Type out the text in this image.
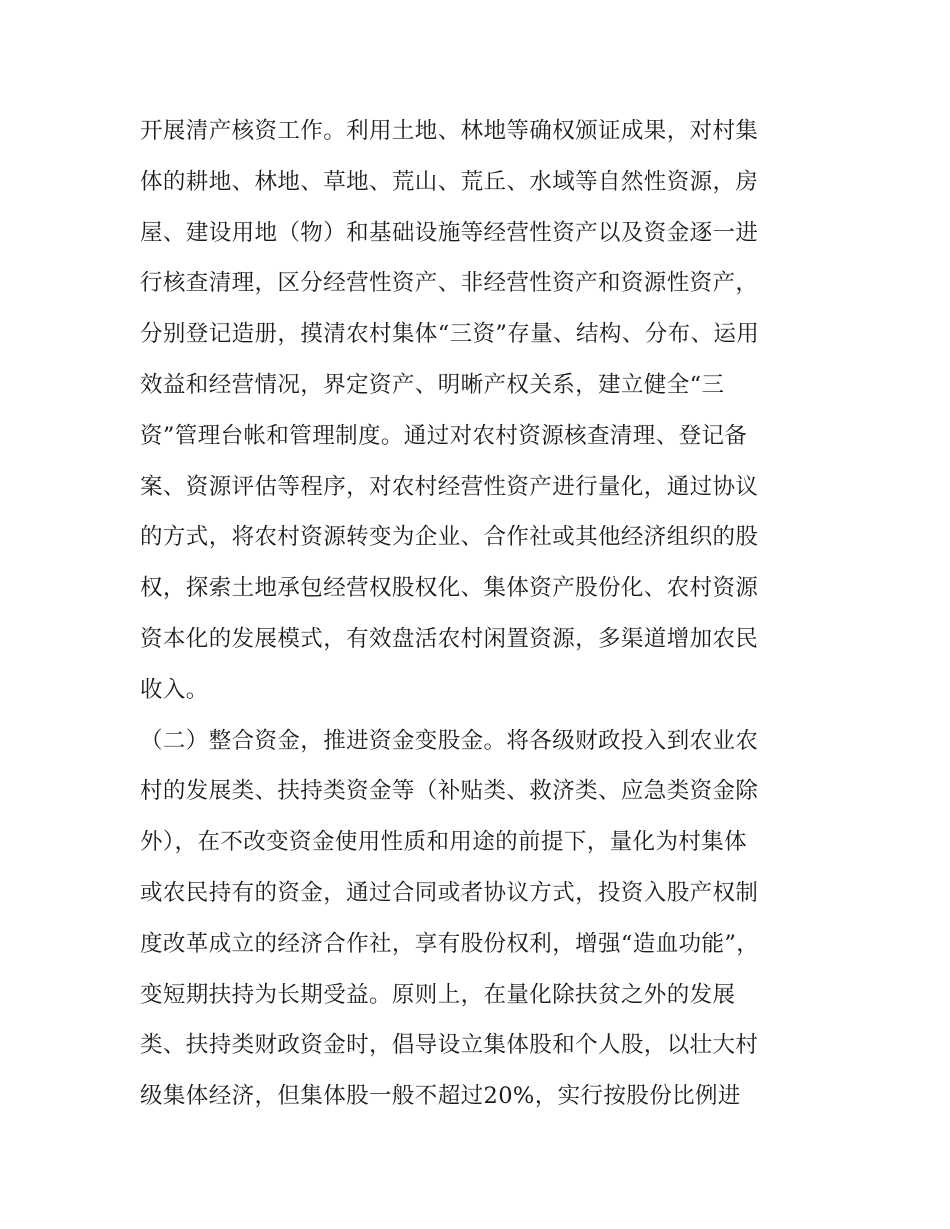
开展清产核资工作。利用土地、林地等确权颁证成果，对村集
体的耕地、林地、草地、荒山、荒丘、水域等自然性资源，房
屋、建设用地（物）和基础设施等经营性资产以及资金逐一进
行核查清理，区分经营性资产、非经营性资产和资源性资产，
分别登记造册，摸清农村集体“三资”存量、结构、分布、运用
效益和经营情况，界定资产、明晰产权关系，建立健全“三
资”管理台帐和管理制度。通过对农村资源核查清理、登记备
案、资源评估等程序，对农村经营性资产进行量化，通过协议
的方式，将农村资源转变为企业、合作社或其他经济组织的股
权，探索土地承包经营权股权化、集体资产股份化、农村资源
资本化的发展模式，有效盘活农村闲置资源，多渠道增加农民
收入。
（二）整合资金，推进资金变股金。将各级财政投入到农业农
村的发展类、扶持类资金等（补贴类、救济类、应急类资金除
外），在不改变资金使用性质和用途的前提下，量化为村集体
或农民持有的资金，通过合同或者协议方式，投资入股产权制
度改革成立的经济合作社，享有股份权利，增强“造血功能”，
变短期扶持为长期受益。原则上，在量化除扶贫之外的发展
类、扶持类财政资金时，倡导设立集体股和个人股，以壮大村
级集体经济，但集体股一般不超过20%，实行按股份比例进
